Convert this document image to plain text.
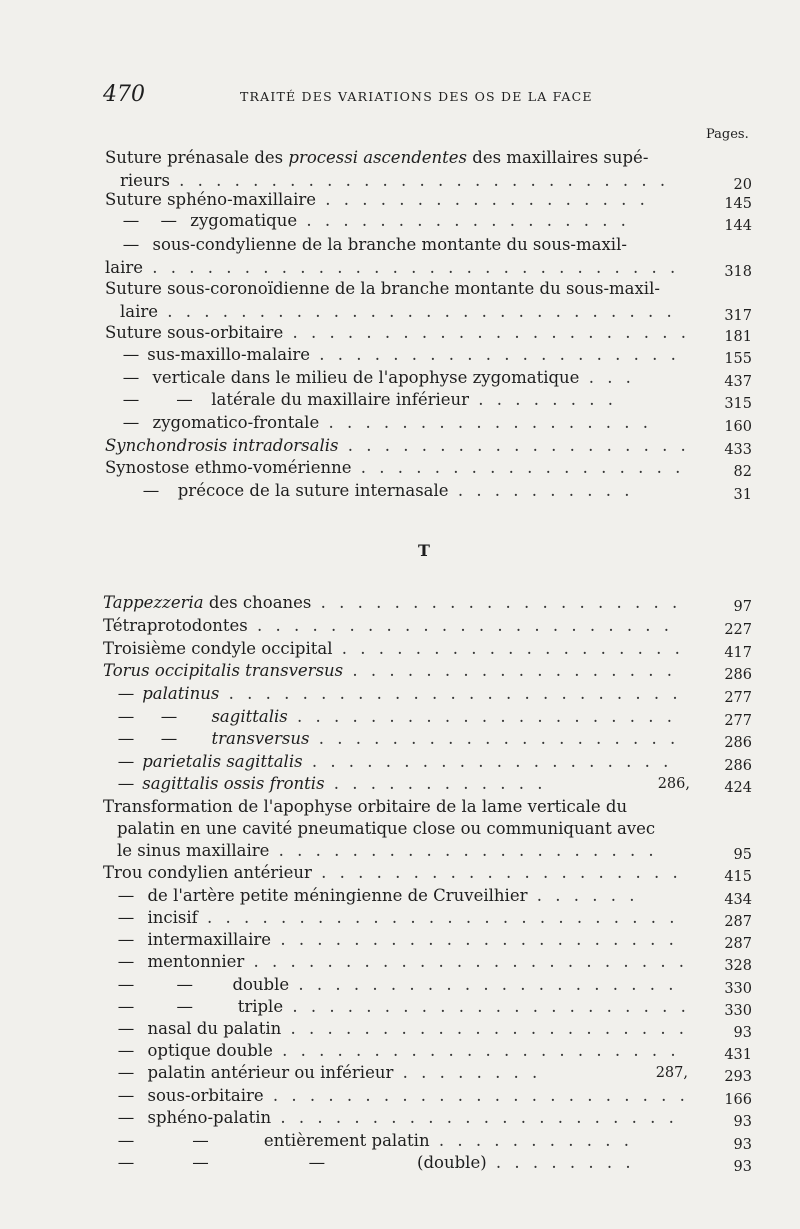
470	TRAITÉ DES VARIATIONS DES OS DE LA FACE
Pages.
Suture prénasale des processi ascendentes des maxillaires supé-
rieurs . . . . . . . . . . . . . . . . . . . . . . . . . . .	20
Suture sphéno-maxillaire . . . . . . . . . . . . . . . . . .	145
— — zygomatique . . . . . . . . . . . . . . . . . .	144
— sous-condylienne de la branche montante du sous-maxil-
laire . . . . . . . . . . . . . . . . . . . . . . . . . . . . .	318
Suture sous-coronoïdienne de la branche montante du sous-maxil-
laire . . . . . . . . . . . . . . . . . . . . . . . . . . . .	317
Suture sous-orbitaire . . . . . . . . . . . . . . . . . . . . . .	181
— sus-maxillo-malaire . . . . . . . . . . . . . . . . . . . .	155
— verticale dans le milieu de l'apophyse zygomatique . . .	437
— — latérale du maxillaire inférieur . . . . . . . .	315
— zygomatico-frontale . . . . . . . . . . . . . . . . . .	160
Synchondrosis intradorsalis . . . . . . . . . . . . . . . . . . .	433
Synostose ethmo-vomérienne . . . . . . . . . . . . . . . . . .	82
— précoce de la suture internasale . . . . . . . . . .	31
T
Tappezzeria des choanes . . . . . . . . . . . . . . . . . . . .	97
Tétraprotodontes . . . . . . . . . . . . . . . . . . . . . . .	227
Troisième condyle occipital . . . . . . . . . . . . . . . . . . .	417
Torus occipitalis transversus . . . . . . . . . . . . . . . . . .	286
— palatinus . . . . . . . . . . . . . . . . . . . . . . . . .	277
— — sagittalis . . . . . . . . . . . . . . . . . . . . .	277
— — transversus . . . . . . . . . . . . . . . . . . . .	286
— parietalis sagittalis . . . . . . . . . . . . . . . . . . . .	286
— sagittalis ossis frontis . . . . . . . . . . . .	286,	424
Transformation de l'apophyse orbitaire de la lame verticale du
palatin en une cavité pneumatique close ou communiquant avec
le sinus maxillaire . . . . . . . . . . . . . . . . . . . . .	95
Trou condylien antérieur . . . . . . . . . . . . . . . . . . . .	415
— de l'artère petite méningienne de Cruveilhier . . . . . .	434
— incisif . . . . . . . . . . . . . . . . . . . . . . . . . .	287
— intermaxillaire . . . . . . . . . . . . . . . . . . . . . .	287
— mentonnier . . . . . . . . . . . . . . . . . . . . . . . .	328
—	— double . . . . . . . . . . . . . . . . . . . . .	330
—	—	triple . . . . . . . . . . . . . . . . . . . . . .	330
— nasal du palatin . . . . . . . . . . . . . . . . . . . . . .	93
— optique double . . . . . . . . . . . . . . . . . . . . . .	431
— palatin antérieur ou inférieur . . . . . . . .	287,	293
— sous-orbitaire . . . . . . . . . . . . . . . . . . . . . . .	166
— sphéno-palatin . . . . . . . . . . . . . . . . . . . . . .	93
—	—	entièrement palatin . . . . . . . . . . .	93
—	—	—	(double) . . . . . . . .	93
